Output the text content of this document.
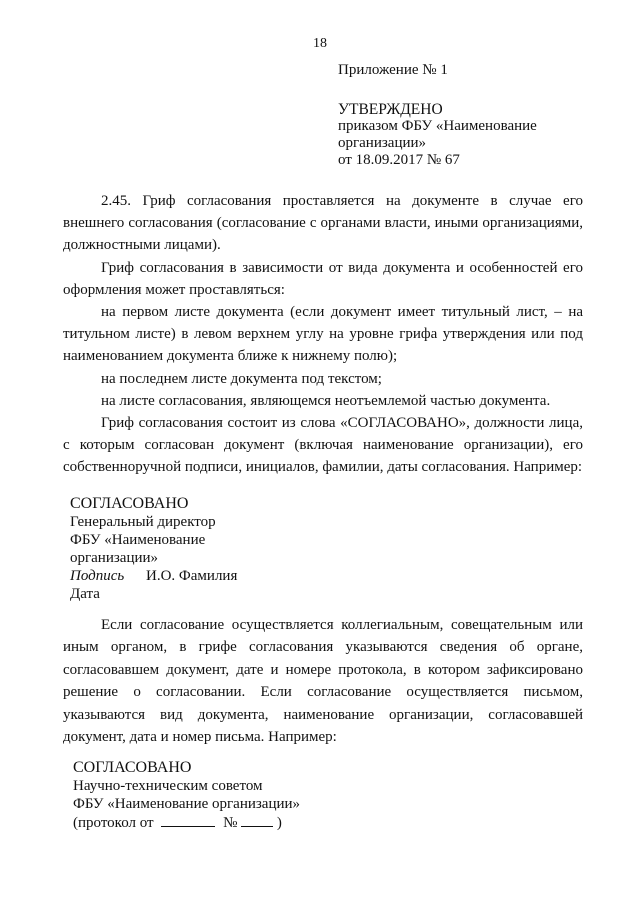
18
Приложение № 1
УТВЕРЖДЕНО
приказом ФБУ «Наименование
организации»
от 18.09.2017 № 67

2.45. Гриф согласования проставляется на документе в случае его внешнего согласования (согласование с органами власти, иными организациями, должностными лицами).

Гриф согласования в зависимости от вида документа и особенностей его оформления может проставляться:

на первом листе документа (если документ имеет титульный лист, – на титульном листе) в левом верхнем углу на уровне грифа утверждения или под наименованием документа ближе к нижнему полю);

на последнем листе документа под текстом;

на листе согласования, являющемся неотъемлемой частью документа.

Гриф согласования состоит из слова «СОГЛАСОВАНО», должности лица, с которым согласован документ (включая наименование организации), его собственноручной подписи, инициалов, фамилии, даты согласования. Например:

СОГЛАСОВАНО
Генеральный директор
ФБУ «Наименование
организации»
Подпись	И.О. Фамилия
Дата

Если согласование осуществляется коллегиальным, совещательным или иным органом, в грифе согласования указываются сведения об органе, согласовавшем документ, дате и номере протокола, в котором зафиксировано решение о согласовании. Если согласование осуществляется письмом, указываются вид документа, наименование организации, согласовавшей документ, дата и номер письма. Например:

СОГЛАСОВАНО
Научно-техническим советом
ФБУ «Наименование организации»
(протокол от	№	)
